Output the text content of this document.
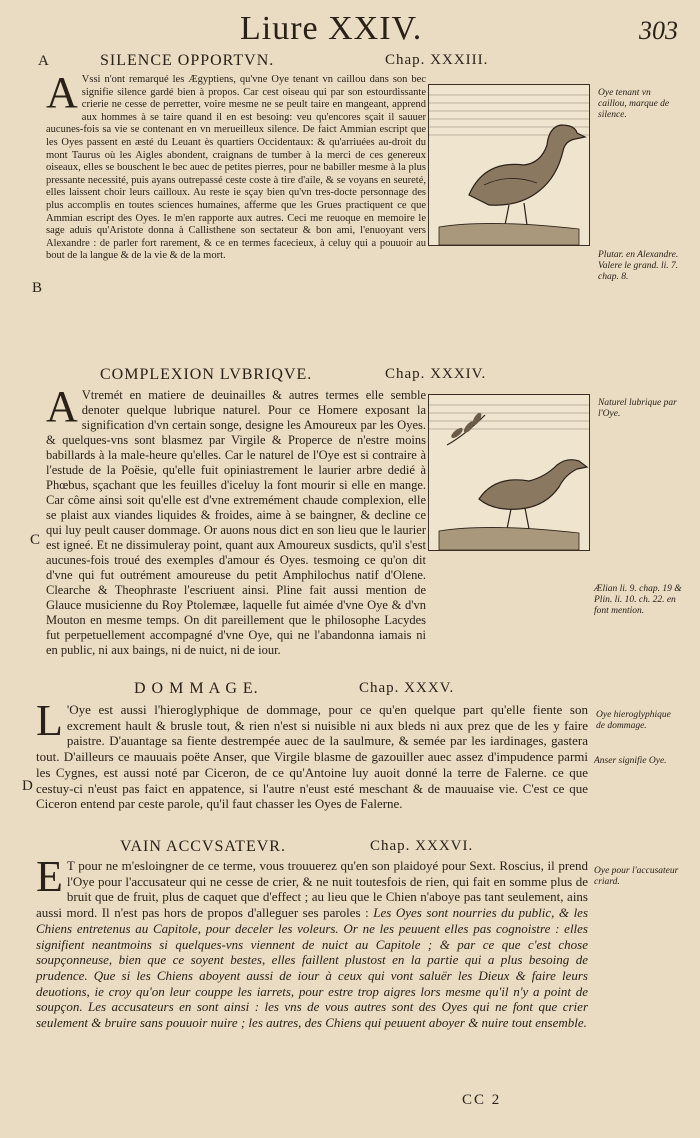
Liure XXIV.	303
A	SILENCE OPPORTVN.	Chap. XXXIII.
Oye tenant vn caillou, marque de silence.
Plutar. en Alexandre. Valere le grand. li. 7. chap. 8.
B
A Vssi n'ont remarqué les Ægyptiens, qu'vne Oye tenant vn caillou dans son bec signifie silence gardé bien à propos. Car cest oiseau qui par son estourdissante crierie ne cesse de perretter, voire mesme ne se peult taire en mangeant, apprend aux hommes à se taire quand il en est besoing: veu qu'encores sçait il sauuer aucunes-fois sa vie se contenant en vn merueilleux silence. De faict Ammian escript que les Oyes passent en æsté du Leuant ès quartiers Occidentaux: & qu'arriuées au-droit du mont Taurus où les Aigles abondent, craignans de tumber à la merci de ces genereux oiseaux, elles se bouschent le bec auec de petites pierres, pour ne babiller mesme à la plus pressante necessité, puis ayans outrepassé ceste coste à tire d'aile, & se voyans en seureté, elles laissent choir leurs cailloux. Au reste ie sçay bien qu'vn tres-docte personnage des plus accomplis en toutes sciences humaines, afferme que les Grues practiquent ce que Ammian escript des Oyes. Ie m'en rapporte aux autres. Ceci me reuoque en memoire le sage aduis qu'Aristote donna à Callisthene son sectateur & bon ami, l'enuoyant vers Alexandre : de parler fort rarement, & ce en termes facecieux, à celuy qui a pouuoir au bout de la langue & de la vie & de la mort.
COMPLEXION LVBRIQVE.	Chap. XXXIV.
Naturel lubrique par l'Oye.
Ælian li. 9. chap. 19 & Plin. li. 10. ch. 22. en font mention.
C
A Vtremét en matiere de deuinailles & autres termes elle semble denoter quelque lubrique naturel. Pour ce Homere exposant la signification d'vn certain songe, designe les Amoureux par les Oyes. & quelques-vns sont blasmez par Virgile & Properce de n'estre moins babillards à la male-heure qu'elles. Car le naturel de l'Oye est si contraire à l'estude de la Poësie, qu'elle fuit opiniastrement le laurier arbre dedié à Phœbus, sçachant que les feuilles d'iceluy la font mourir si elle en mange. Car côme ainsi soit qu'elle est d'vne extremément chaude complexion, elle se plaist aux viandes liquides & froides, aime à se baingner, & decline ce qui luy peult causer dommage. Or auons nous dict en son lieu que le laurier est igneé. Et ne dissimuleray point, quant aux Amoureux susdicts, qu'il s'est aucunes-fois troué des exemples d'amour és Oyes. tesmoing ce qu'on dit d'vne qui fut outrément amoureuse du petit Amphilochus natif d'Olene. Clearche & Theophraste l'escriuent ainsi. Pline fait aussi mention de Glauce musicienne du Roy Ptolemæe, laquelle fut aimée d'vne Oye & d'vn Mouton en mesme temps. On dit pareillement que le philosophe Lacydes fut perpetuellement accompagné d'vne Oye, qui ne l'abandonna iamais ni en public, ni aux baings, ni de nuict, ni de iour.
D O M M A G E.	Chap. XXXV.
Oye hieroglyphique de dommage.
Anser signifie Oye.
D
L 'Oye est aussi l'hieroglyphique de dommage, pour ce qu'en quelque part qu'elle fiente son excrement hault & brusle tout, & rien n'est si nuisible ni aux bleds ni aux prez que de les y faire paistre. D'auantage sa fiente destrempée auec de la saulmure, & semée par les iardinages, gastera tout. D'ailleurs ce mauuais poëte Anser, que Virgile blasme de gazouiller auec assez d'impudence parmi les Cygnes, est aussi noté par Ciceron, de ce qu'Antoine luy auoit donné la terre de Falerne. ce que cestuy-ci n'eust pas faict en appatence, si l'autre n'eust esté meschant & de mauuaise vie. C'est ce que Ciceron entend par ceste parole, qu'il faut chasser les Oyes de Falerne.
VAIN ACCVSATEVR.	Chap. XXXVI.
Oye pour l'accusateur criard.
E T pour ne m'esloingner de ce terme, vous trouuerez qu'en son plaidoyé pour Sext. Roscius, il prend l'Oye pour l'accusateur qui ne cesse de crier, & ne nuit toutesfois de rien, qui fait en somme plus de bruit que de fruit, plus de caquet que d'effect ; au lieu que le Chien n'aboye pas tant seulement, ains aussi mord. Il n'est pas hors de propos d'alleguer ses paroles : Les Oyes sont nourries du public, & les Chiens entretenus au Capitole, pour deceler les voleurs. Or ne les peuuent elles pas cognoistre : elles signifient neantmoins si quelques-vns viennent de nuict au Capitole ; & par ce que c'est chose soupçonneuse, bien que ce soyent bestes, elles faillent plustost en la partie qui a plus besoing de prudence. Que si les Chiens aboyent aussi de iour à ceux qui vont saluër les Dieux & faire leurs deuotions, ie croy qu'on leur couppe les iarrets, pour estre trop aigres lors mesme qu'il n'y a point de soupçon. Les accusateurs en sont ainsi : les vns de vous autres sont des Oyes qui ne font que crier seulement & bruire sans pouuoir nuire ; les autres, des Chiens qui peuuent aboyer & nuire tout ensemble.
CC 2
